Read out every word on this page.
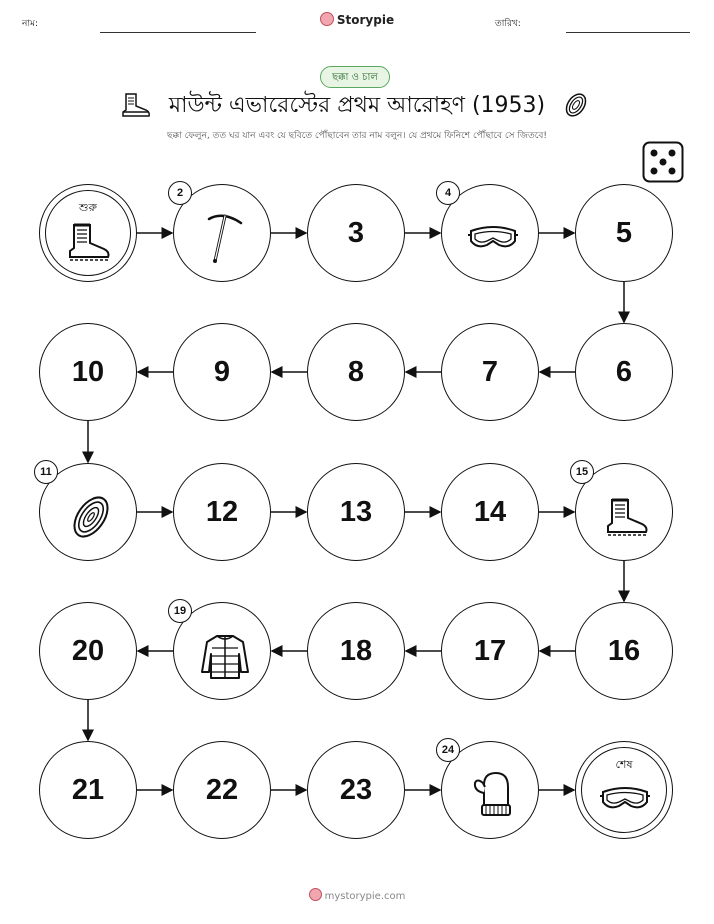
নাম:	Storypie	তারিখ:
ছক্কা ও চাল
মাউন্ট এভারেস্টের প্রথম আরোহণ (1953)
ছক্কা ফেলুন, তত ঘর যান এবং যে ছবিতে পৌঁছাবেন তার নাম বলুন। যে প্রথমে ফিনিশে পৌঁছাবে সে জিতবে!
শুরু
2
3
4
5
6
7
8
9
10
11
12	13	14
15
16
17
18
19
20
21	22	23
24
শেষ
mystorypie.com
